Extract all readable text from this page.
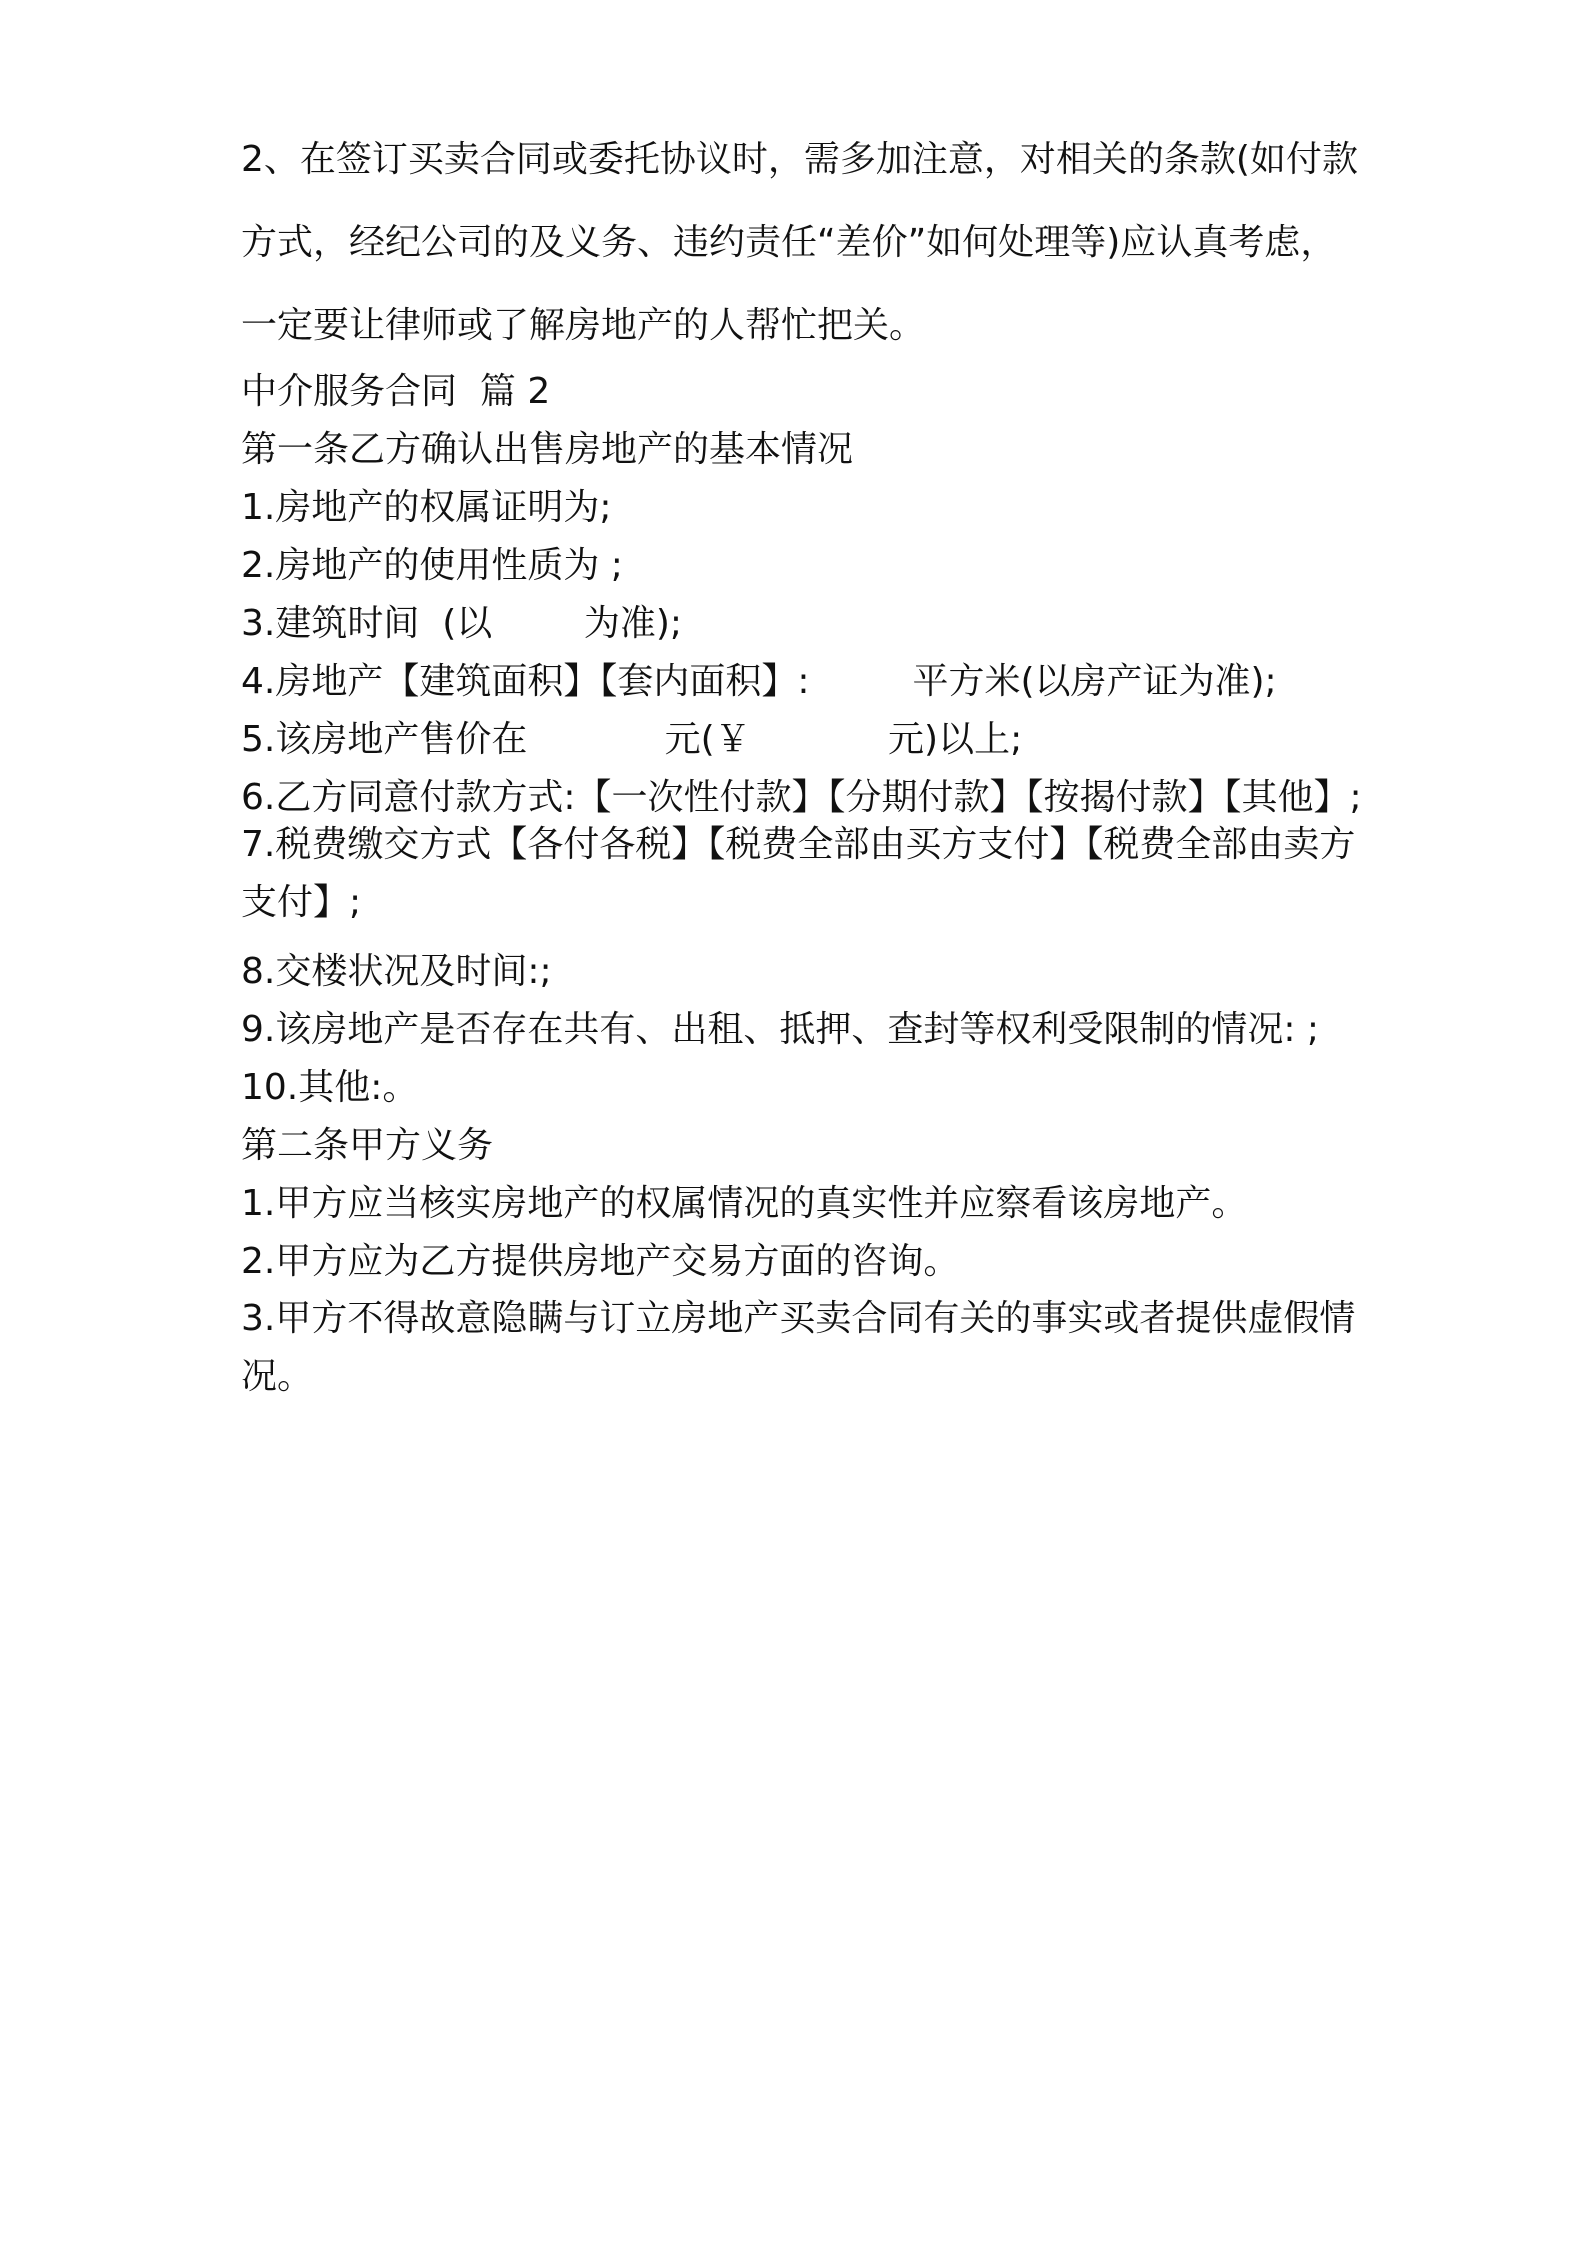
2、在签订买卖合同或委托协议时，需多加注意，对相关的条款(如付款方式，经纪公司的及义务、违约责任“差价”如何处理等)应认真考虑，一定要让律师或了解房地产的人帮忙把关。

中介服务合同  篇 2

第一条乙方确认出售房地产的基本情况

1.房地产的权属证明为;

2.房地产的使用性质为 ;

3.建筑时间  (以        为准);

4.房地产【建筑面积】【套内面积】:         平方米(以房产证为准);

5.该房地产售价在            元(￥            元)以上;

6.乙方同意付款方式:【一次性付款】【分期付款】【按揭付款】【其他】;

7.税费缴交方式【各付各税】【税费全部由买方支付】【税费全部由卖方支付】;

8.交楼状况及时间:;

9.该房地产是否存在共有、出租、抵押、查封等权利受限制的情况: ;

10.其他:。

第二条甲方义务

1.甲方应当核实房地产的权属情况的真实性并应察看该房地产。

2.甲方应为乙方提供房地产交易方面的咨询。

3.甲方不得故意隐瞒与订立房地产买卖合同有关的事实或者提供虚假情况。
